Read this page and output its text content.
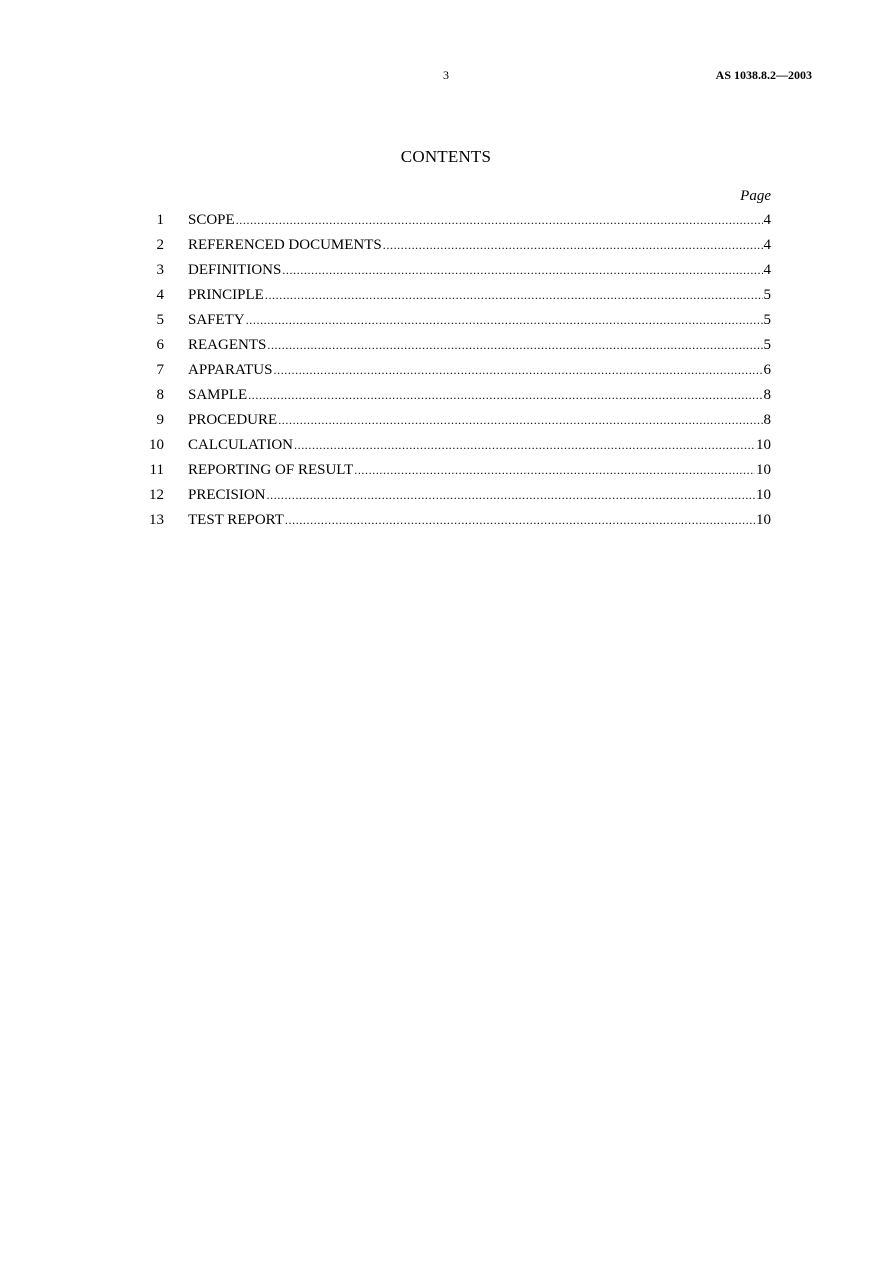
3	AS 1038.8.2—2003
CONTENTS
Page
1 SCOPE .....	4
2 REFERENCED DOCUMENTS .....	4
3 DEFINITIONS .....	4
4 PRINCIPLE .....	5
5 SAFETY .....	5
6 REAGENTS .....	5
7 APPARATUS .....	6
8 SAMPLE .....	8
9 PROCEDURE .....	8
10 CALCULATION .....	10
11 REPORTING OF RESULT .....	10
12 PRECISION .....	10
13 TEST REPORT .....	10
